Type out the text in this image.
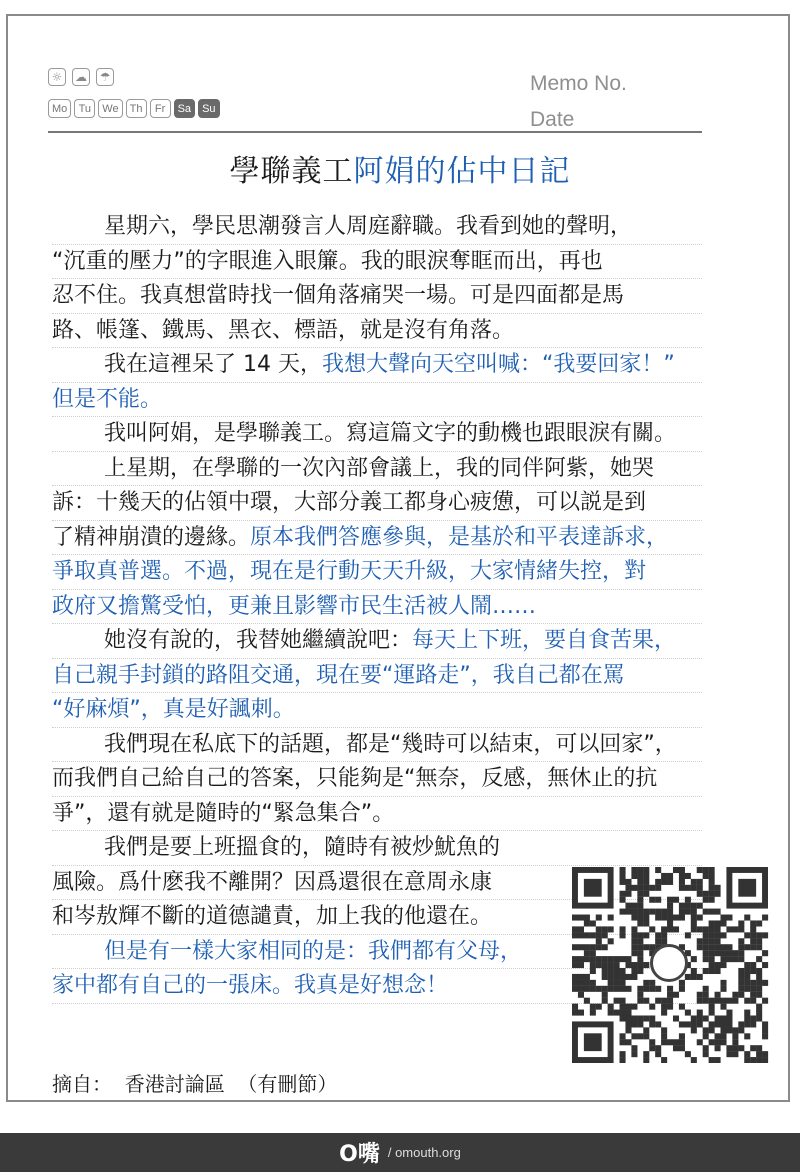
☼	☁	☂
Mo	Tu	We	Th	Fr	Sa	Su
Memo No.
Date
學聯義工阿娟的佔中日記
星期六，學民思潮發言人周庭辭職。我看到她的聲明，
“沉重的壓力”的字眼進入眼簾。我的眼淚奪眶而出，再也
忍不住。我真想當時找一個角落痛哭一場。可是四面都是馬
路、帳篷、鐵馬、黑衣、標語，就是沒有角落。
我在這裡呆了 14 天，我想大聲向天空叫喊：“我要回家！”
但是不能。
我叫阿娟，是學聯義工。寫這篇文字的動機也跟眼淚有關。
上星期，在學聯的一次內部會議上，我的同伴阿紫，她哭
訴：十幾天的佔領中環，大部分義工都身心疲憊，可以説是到
了精神崩潰的邊緣。原本我們答應參與，是基於和平表達訴求，
爭取真普選。不過，現在是行動天天升級，大家情緒失控，對
政府又擔驚受怕，更兼且影響市民生活被人鬧……
她沒有說的，我替她繼續說吧：每天上下班，要自食苦果，
自己親手封鎖的路阻交通，現在要“運路走”，我自己都在罵
“好麻煩”，真是好諷刺。
我們現在私底下的話題，都是“幾時可以結束，可以回家”，
而我們自己給自己的答案，只能夠是“無奈，反感，無休止的抗
爭”，還有就是隨時的“緊急集合”。
我們是要上班搵食的，隨時有被炒魷魚的
風險。爲什麽我不離開？因爲還很在意周永康
和岑敖輝不斷的道德譴責，加上我的他還在。
但是有一樣大家相同的是：我們都有父母，
家中都有自己的一張床。我真是好想念！
摘自：  香港討論區  （有刪節）
O嘴 / omouth.org
